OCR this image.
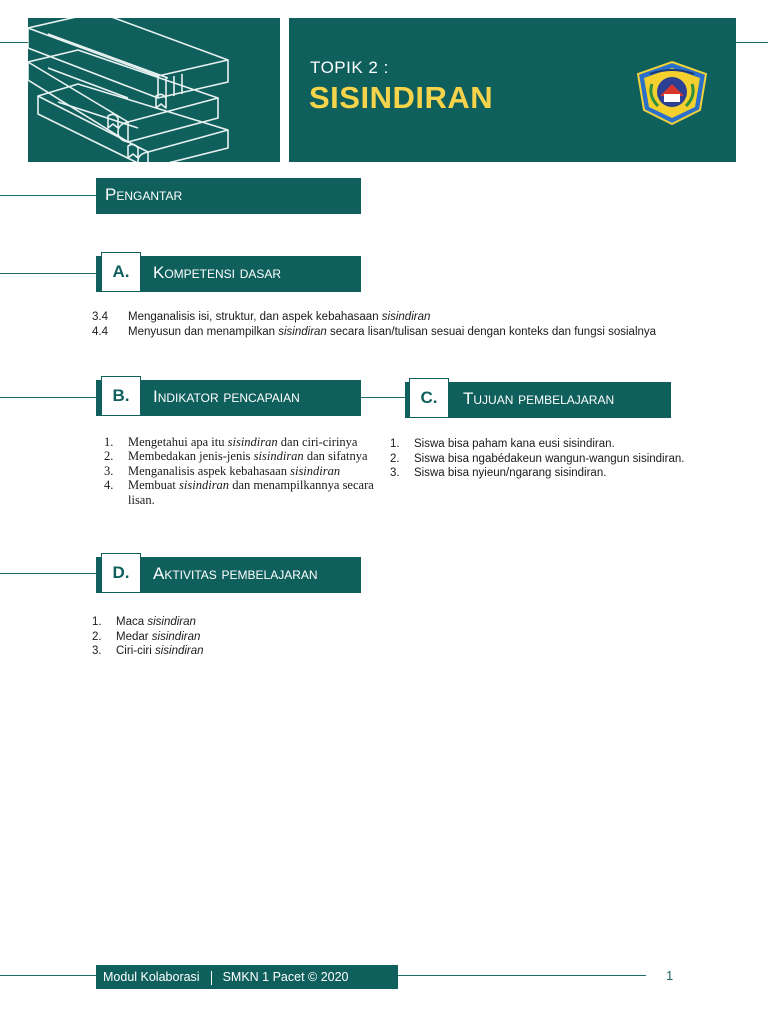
TOPIK 2 :
SISINDIRAN
Pengantar
A.	Kompetensi dasar
3.4 Menganalisis isi, struktur, dan aspek kebahasaan sisindiran
4.4 Menyusun dan menampilkan sisindiran secara lisan/tulisan sesuai dengan konteks dan fungsi sosialnya
B.	Indikator pencapaian
1. Mengetahui apa itu sisindiran dan ciri-cirinya
2. Membedakan jenis-jenis sisindiran dan sifatnya
3. Menganalisis aspek kebahasaan sisindiran
4. Membuat sisindiran dan menampilkannya secara lisan.
C.	Tujuan pembelajaran
1. Siswa bisa paham kana eusi sisindiran.
2. Siswa bisa ngabédakeun wangun-wangun sisindiran.
3. Siswa bisa nyieun/ngarang sisindiran.
D.	Aktivitas pembelajaran
1. Maca sisindiran
2. Medar sisindiran
3. Ciri-ciri sisindiran
Modul Kolaborasi SMKN 1 Pacet © 2020	1
